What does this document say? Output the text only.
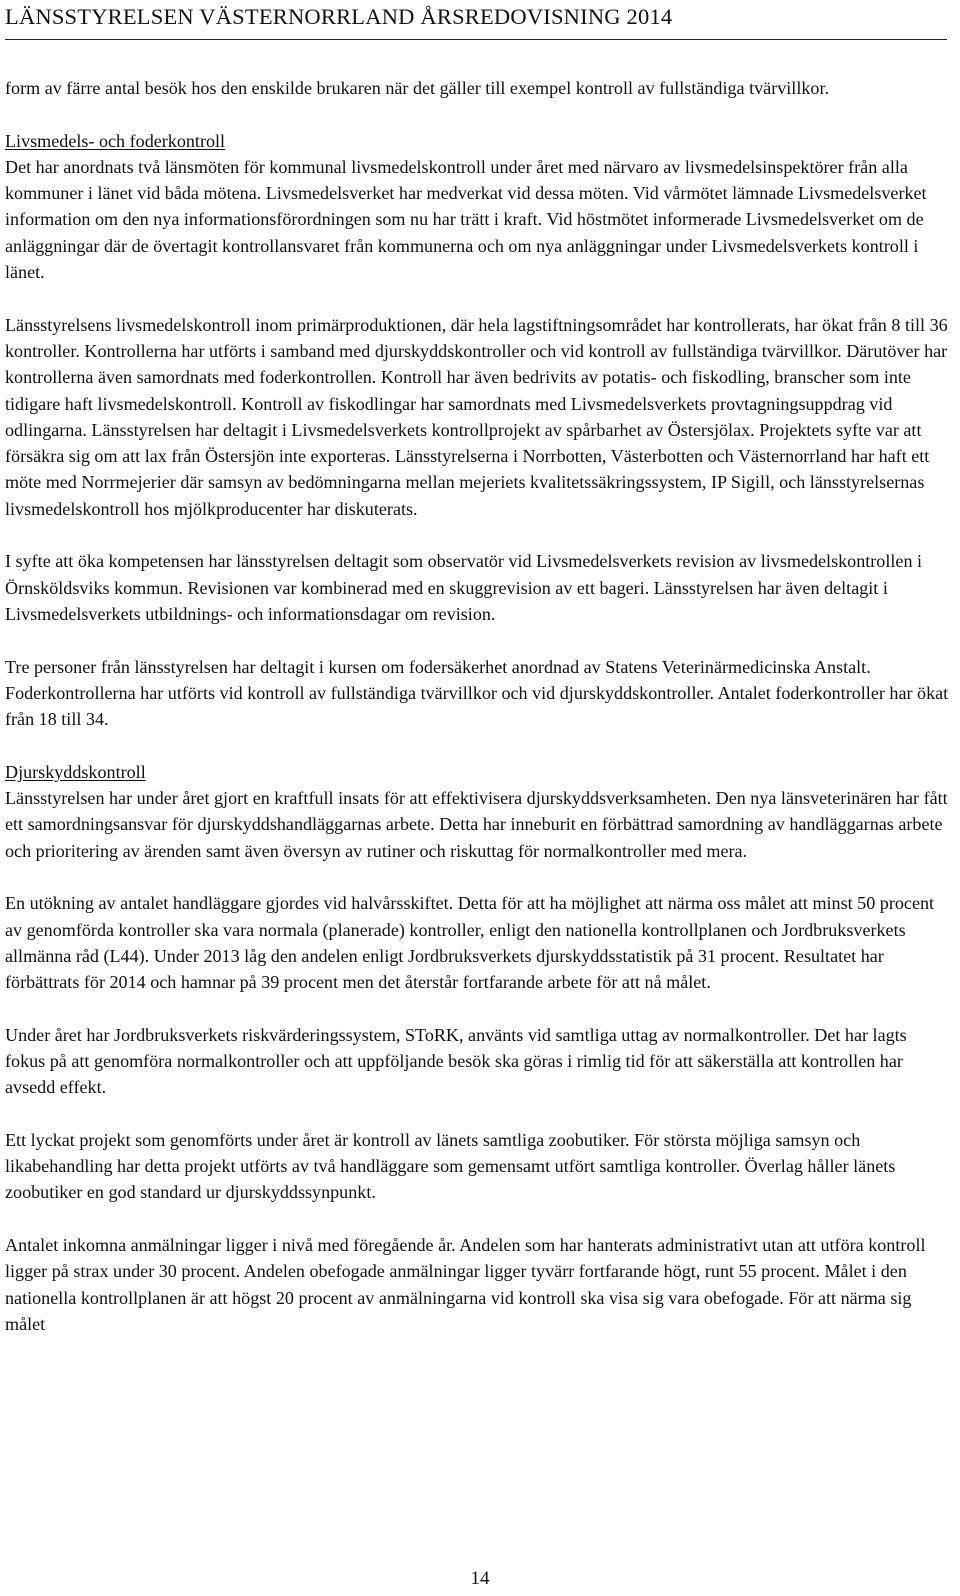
LÄNSSTYRELSEN VÄSTERNORRLAND ÅRSREDOVISNING 2014

form av färre antal besök hos den enskilde brukaren när det gäller till exempel kontroll av fullständiga tvärvillkor.

Livsmedels- och foderkontroll
Det har anordnats två länsmöten för kommunal livsmedelskontroll under året med närvaro av livsmedelsinspektörer från alla kommuner i länet vid båda mötena. Livsmedelsverket har medverkat vid dessa möten. Vid vårmötet lämnade Livsmedelsverket information om den nya informationsförordningen som nu har trätt i kraft. Vid höstmötet informerade Livsmedelsverket om de anläggningar där de övertagit kontrollansvaret från kommunerna och om nya anläggningar under Livsmedelsverkets kontroll i länet.

Länsstyrelsens livsmedelskontroll inom primärproduktionen, där hela lagstiftningsområdet har kontrollerats, har ökat från 8 till 36 kontroller. Kontrollerna har utförts i samband med djurskyddskontroller och vid kontroll av fullständiga tvärvillkor. Därutöver har kontrollerna även samordnats med foderkontrollen. Kontroll har även bedrivits av potatis- och fiskodling, branscher som inte tidigare haft livsmedelskontroll. Kontroll av fiskodlingar har samordnats med Livsmedelsverkets provtagningsuppdrag vid odlingarna. Länsstyrelsen har deltagit i Livsmedelsverkets kontrollprojekt av spårbarhet av Östersjölax. Projektets syfte var att försäkra sig om att lax från Östersjön inte exporteras. Länsstyrelserna i Norrbotten, Västerbotten och Västernorrland har haft ett möte med Norrmejerier där samsyn av bedömningarna mellan mejeriets kvalitetssäkringssystem, IP Sigill, och länsstyrelsernas livsmedelskontroll hos mjölkproducenter har diskuterats.

I syfte att öka kompetensen har länsstyrelsen deltagit som observatör vid Livsmedelsverkets revision av livsmedelskontrollen i Örnsköldsviks kommun. Revisionen var kombinerad med en skuggrevision av ett bageri. Länsstyrelsen har även deltagit i Livsmedelsverkets utbildnings- och informationsdagar om revision.

Tre personer från länsstyrelsen har deltagit i kursen om fodersäkerhet anordnad av Statens Veterinärmedicinska Anstalt. Foderkontrollerna har utförts vid kontroll av fullständiga tvärvillkor och vid djurskyddskontroller. Antalet foderkontroller har ökat från 18 till 34.

Djurskyddskontroll
Länsstyrelsen har under året gjort en kraftfull insats för att effektivisera djurskyddsverksamheten. Den nya länsveterinären har fått ett samordningsansvar för djurskyddshandläggarnas arbete. Detta har inneburit en förbättrad samordning av handläggarnas arbete och prioritering av ärenden samt även översyn av rutiner och riskuttag för normalkontroller med mera.

En utökning av antalet handläggare gjordes vid halvårsskiftet. Detta för att ha möjlighet att närma oss målet att minst 50 procent av genomförda kontroller ska vara normala (planerade) kontroller, enligt den nationella kontrollplanen och Jordbruksverkets allmänna råd (L44). Under 2013 låg den andelen enligt Jordbruksverkets djurskyddsstatistik på 31 procent. Resultatet har förbättrats för 2014 och hamnar på 39 procent men det återstår fortfarande arbete för att nå målet.

Under året har Jordbruksverkets riskvärderingssystem, SToRK, använts vid samtliga uttag av normalkontroller. Det har lagts fokus på att genomföra normalkontroller och att uppföljande besök ska göras i rimlig tid för att säkerställa att kontrollen har avsedd effekt.

Ett lyckat projekt som genomförts under året är kontroll av länets samtliga zoobutiker. För största möjliga samsyn och likabehandling har detta projekt utförts av två handläggare som gemensamt utfört samtliga kontroller. Överlag håller länets zoobutiker en god standard ur djurskyddssynpunkt.

Antalet inkomna anmälningar ligger i nivå med föregående år. Andelen som har hanterats administrativt utan att utföra kontroll ligger på strax under 30 procent. Andelen obefogade anmälningar ligger tyvärr fortfarande högt, runt 55 procent. Målet i den nationella kontrollplanen är att högst 20 procent av anmälningarna vid kontroll ska visa sig vara obefogade. För att närma sig målet

14
